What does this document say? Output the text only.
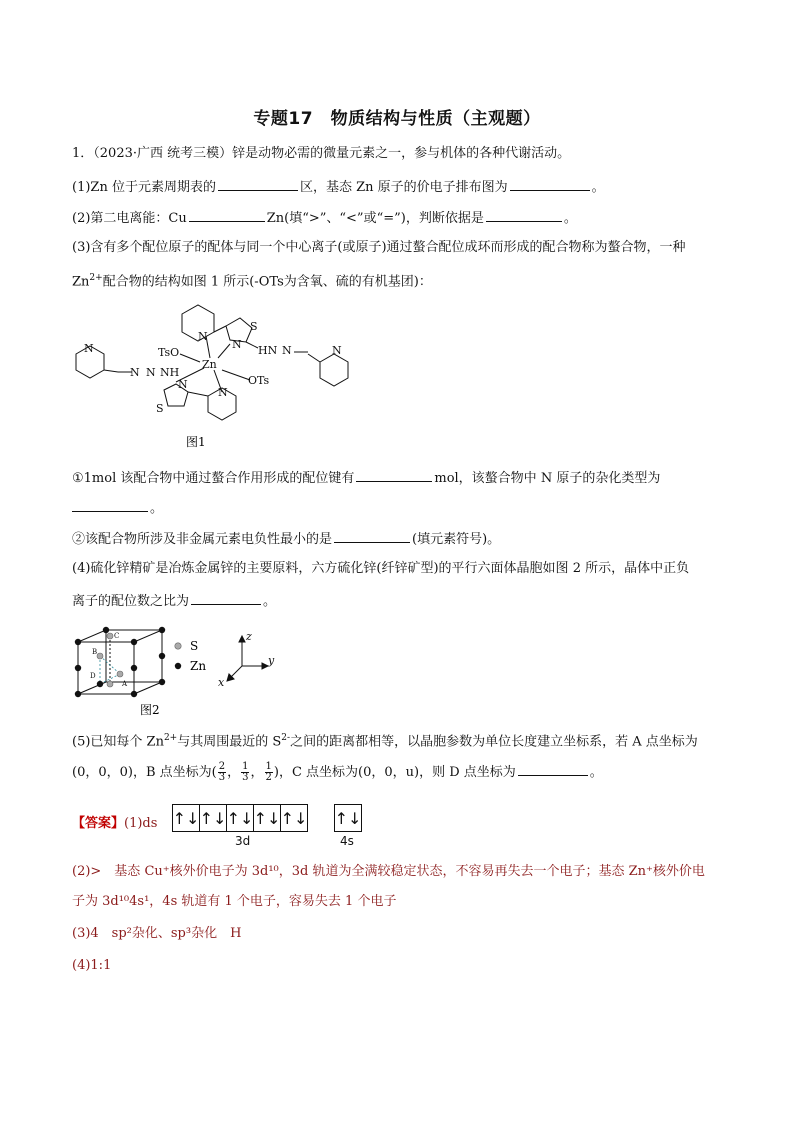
专题17　物质结构与性质（主观题）
1．（2023·广西 统考三模）锌是动物必需的微量元素之一，参与机体的各种代谢活动。
(1)Zn 位于元素周期表的	区，基态 Zn 原子的价电子排布图为	。
(2)第二电离能：Cu	Zn(填“>”、“<”或“=”)，判断依据是	。
(3)含有多个配位原子的配体与同一个中心离子(或原子)通过螯合配位成环而形成的配合物称为螯合物，一种
$Zn^{2+}$配合物的结构如图 1 所示(-OTs为含氧、硫的有机基团)：
N
N
S
HN N	N
TsO
Zn
OTs
N
N N NH
N
S
N
图1
①1mol 该配合物中通过螯合作用形成的配位键有	mol，该螯合物中 N 原子的杂化类型为
。
②该配合物所涉及非金属元素电负性最小的是	(填元素符号)。
(4)硫化锌精矿是冶炼金属锌的主要原料，六方硫化锌(纤锌矿型)的平行六面体晶胞如图 2 所示，晶体中正负
离子的配位数之比为	。
C
B
D
A
S
Zn
z
y
x
图2
(5)已知每个 $Zn^{2+}$与其周围最近的 $S^{2-}$之间的距离都相等，以晶胞参数为单位长度建立坐标系，若 A 点坐标为
(0，0，0)，B 点坐标为( $\frac{2}{3}$ ， $\frac{1}{3}$ ， $\frac{1}{2}$ )，C 点坐标为(0，0，u)，则 D 点坐标为	。
【答案】(1)ds ↑↓ ↑↓ ↑↓ ↑↓ ↑↓
3d
↑↓
4s
(2)>　基态 Cu⁺核外价电子为 3d¹⁰，3d 轨道为全满较稳定状态，不容易再失去一个电子；基态 Zn⁺核外价电
子为 3d¹⁰4s¹，4s 轨道有 1 个电子，容易失去 1 个电子
(3)4　sp²杂化、sp³杂化　H
(4)1:1
